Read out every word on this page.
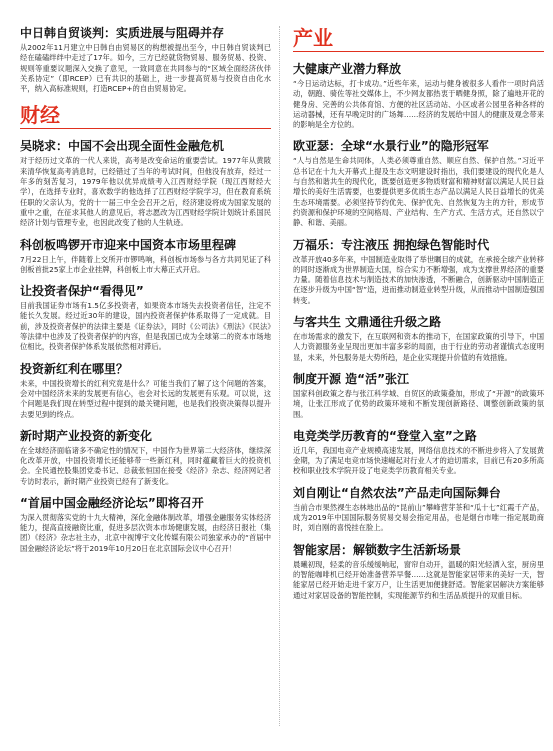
中日韩自贸谈判：实质进展与阻碍并存

从2002年11月建立中日韩自由贸易区的构想被提出至今，中日韩自贸谈判已经在磕磕绊绊中走过了17年。如今，三方已经就货物贸易、服务贸易、投资、规则等重要议题深入交换了意见，一致同意在共同参与的“区域全面经济伙伴关系协定”（即RCEP）已有共识的基础上，进一步提高贸易与投资自由化水平，纳入高标准规则，打造RCEP+的自由贸易协定。

财经
吴晓求：中国不会出现全面性金融危机

对于经历过文革的一代人来说，高考是改变命运的重要尝试。1977年从黄陂来清华恢复高考消息时，已经错过了当年的考试时间，但他没有放弃，经过一年多的刻苦复习，1979年他以优异成绩考入江西财经学院（现江西财经大学），在选择专业时，喜欢数学的他选择了江西财经学院学习，但在教育系统任职的父亲认为，党的十一届三中全会召开之后，经济建设将成为国家发展的重中之重，在征求其他人的意见后，将志愿改为江西财经学院计划统计系国民经济计划与管理专业，也因此改变了他的人生轨迹。

科创板鸣锣开市迎来中国资本市场里程碑

7月22日上午，伴随着上交所开市锣鸣响，科创板市场参与各方共同见证了科创板首批25家上市企业挂牌，科创板上市大幕正式开启。

让投资者保护“看得见”

目前我国证券市场有1.5亿多投资者，如果资本市场失去投资者信任，注定不能长久发展。经过近30年的建设，国内投资者保护体系取得了一定成就。目前，涉及投资者保护的法律主要是《证券法》，同时《公司法》《刑法》《民法》等法律中也涉及了投资者保护的内容，但是我国已成为全球第二的资本市场地位相比，投资者保护体系发展依然相对滞后。

投资新红利在哪里？

未来，中国投资增长的红利究竟是什么？可能当我们了解了这个问题的答案，会对中国经济未来的发展更有信心，也会对长远的发展更有乐观。可以说，这个问题是我们现在转型过程中提到的最关键问题，也是我们投资决策得以提升去要见到的终点。

新时期产业投资的新变化

在全球经济面临诸多不确定性的情况下，中国作为世界第二大经济体，继续深化改革开放，中国投资增长还能够带一些新红利，同时蕴藏着巨大的投资机会。全民通控股集团党委书记、总裁张恒国在接受《经济》杂志、经济网记者专访时表示，新时期产业投资已经有了新变化。

“首届中国金融经济论坛”即将召开

为深入贯彻落实党的十九大精神，深化金融体制改革，增强金融服务实体经济能力，提高直接融资比重，促进多层次资本市场健康发展，由经济日报社（集团）《经济》杂志社主办，北京中视博宇文化传媒有限公司独家承办的“首届中国金融经济论坛”将于2019年10月20日在北京国际会议中心召开！

产业
大健康产业潜力释放

“今日运动达标，打卡成功。”近些年来，运动与健身被很多人看作一项时尚活动，朝跑、骑佐等社交媒体上，不少网友都热衷于晒健身照，除了遍地开花的健身房、完善的公共体育馆、方便的社区活动站、小区或者公园里各种各样的运动器械，还有早晚定时的广场舞……经济的发展给中国人的健康及观念带来的影响是全方位的。

欧亚瑟：全球“水景行业”的隐形冠军

“人与自然是生命共同体，人类必须尊重自然、顺应自然、保护自然。”习近平总书记在十九大开幕式上提及生态文明建设时指出，我们要建设的现代化是人与自然和谐共生的现代化，既要创造更多物质财富和精神财富以满足人民日益增长的美好生活需要，也要提供更多优质生态产品以满足人民日益增长的优美生态环境需要。必须坚持节约优先、保护优先、自然恢复为主的方针，形成节约资源和保护环境的空间格局、产业结构、生产方式、生活方式，还自然以宁静、和谐、美丽。

万福乐：专注液压 拥抱绿色智能时代

改革开放40多年来，中国制造业取得了举世瞩目的成就，在承接全球产业转移的同时逐渐成为世界制造大国，综合实力不断增强，成为支撑世界经济的重要力量。随着信息技术与制造技术的加快渗透，不断融合，创新驱动中国制造正在逐步升级为中国“智”造，进而推动制造业转型升级，从而推动中国制造强国转变。

与客共生 文鼎通往升级之路

在市场需求的激发下，在互联网和资本的推动下，在国家政策的引导下，中国人力资源服务业呈现出更加丰富多彩的局面，由于行业的劳动者谨慎式态度明显，未来，外包服务是大势所趋，是企业实现提升价值的有效措施。

制度开源 造“活”张江

国家科创政策之春与张江科学城、自贸区的政策叠加，形成了“开源”的政策环境，让张江形成了优势的政策环境和不断发现创新路径、调整创新政策的氛围。

电竞类学历教育的“登堂入室”之路

近几年，我国电竞产业规模高速发展，网络信息技术的不断进步将入了发展黄金期，为了满足电竞市场快速崛起对行业人才的迫切需求，目前已有20多所高校和职业技术学院开设了电竞类学历教育相关专业。

刘自刚让“自然农法”产品走向国际舞台

当前合市果然裸生态林地出品的“昆前山”攀峰营芽茶和“瓜十七”红霞千产品，成为2019年中国国际服务贸易交易会指定用品，也是烟台市唯一指定展助商时，刘自刚的喜悦挂在脸上。

智能家居：解锁数字生活新场景

晨曦初现，轻柔的音乐缓缓响起，窗帘自动开，温暖的阳光轻洒入室，厨房里的智能咖啡机已经开始准备营养早餐……这就是智能家居带来的美好一天，智能家居已经开始走进千家万户，让生活更加便捷舒适。智能家居解决方案能够通过对家居设备的智能控制，实现能源节约和生活品质提升的双重目标。
